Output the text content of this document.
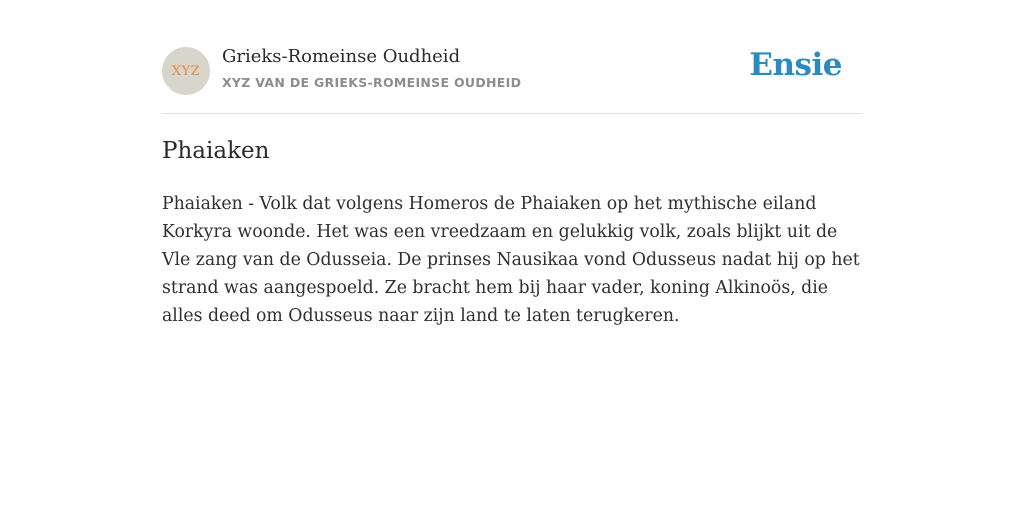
XYZ
Grieks-Romeinse Oudheid
XYZ VAN DE GRIEKS-ROMEINSE OUDHEID	Ensie
Phaiaken

Phaiaken - Volk dat volgens Homeros de Phaiaken op het mythische eiland Korkyra woonde. Het was een vreedzaam en gelukkig volk, zoals blijkt uit de Vle zang van de Odusseia. De prinses Nausikaa vond Odusseus nadat hij op het strand was aangespoeld. Ze bracht hem bij haar vader, koning Alkinoös, die alles deed om Odusseus naar zijn land te laten terugkeren.
